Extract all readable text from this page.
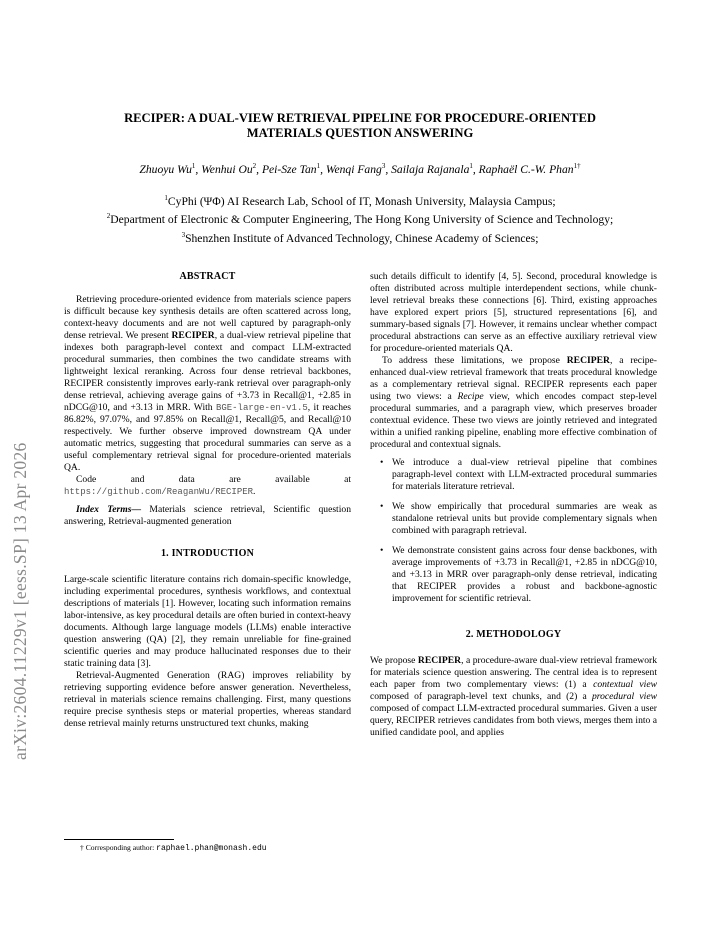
arXiv:2604.11229v1 [eess.SP] 13 Apr 2026
RECIPER: A DUAL-VIEW RETRIEVAL PIPELINE FOR PROCEDURE-ORIENTED
MATERIALS QUESTION ANSWERING
Zhuoyu Wu$^1$, Wenhui Ou$^2$, Pei-Sze Tan$^1$, Wenqi Fang$^3$, Sailaja Rajanala$^1$, Raphaël C.-W. Phan$^{1\dagger}$
$^1$CyPhi (ΨΦ) AI Research Lab, School of IT, Monash University, Malaysia Campus;
$^2$Department of Electronic & Computer Engineering, The Hong Kong University of Science and Technology;
$^3$Shenzhen Institute of Advanced Technology, Chinese Academy of Sciences;
ABSTRACT

Retrieving procedure-oriented evidence from materials science papers is difficult because key synthesis details are often scattered across long, context-heavy documents and are not well captured by paragraph-only dense retrieval. We present RECIPER, a dual-view retrieval pipeline that indexes both paragraph-level context and compact LLM-extracted procedural summaries, then combines the two candidate streams with lightweight lexical reranking. Across four dense retrieval backbones, RECIPER consistently improves early-rank retrieval over paragraph-only dense retrieval, achieving average gains of +3.73 in Recall@1, +2.85 in nDCG@10, and +3.13 in MRR. With BGE-large-en-v1.5, it reaches 86.82%, 97.07%, and 97.85% on Recall@1, Recall@5, and Recall@10 respectively. We further observe improved downstream QA under automatic metrics, suggesting that procedural summaries can serve as a useful complementary retrieval signal for procedure-oriented materials QA.

Code and data are available at https://github.com/ReaganWu/RECIPER.

Index Terms— Materials science retrieval, Scientific question answering, Retrieval-augmented generation

1. INTRODUCTION

Large-scale scientific literature contains rich domain-specific knowledge, including experimental procedures, synthesis workflows, and contextual descriptions of materials [1]. However, locating such information remains labor-intensive, as key procedural details are often buried in context-heavy documents. Although large language models (LLMs) enable interactive question answering (QA) [2], they remain unreliable for fine-grained scientific queries and may produce hallucinated responses due to their static training data [3].

Retrieval-Augmented Generation (RAG) improves reliability by retrieving supporting evidence before answer generation. Nevertheless, retrieval in materials science remains challenging. First, many questions require precise synthesis steps or material properties, whereas standard dense retrieval mainly returns unstructured text chunks, making

† Corresponding author: raphael.phan@monash.edu

such details difficult to identify [4, 5]. Second, procedural knowledge is often distributed across multiple interdependent sections, while chunk-level retrieval breaks these connections [6]. Third, existing approaches have explored expert priors [5], structured representations [6], and summary-based signals [7]. However, it remains unclear whether compact procedural abstractions can serve as an effective auxiliary retrieval view for procedure-oriented materials QA.

To address these limitations, we propose RECIPER, a recipe-enhanced dual-view retrieval framework that treats procedural knowledge as a complementary retrieval signal. RECIPER represents each paper using two views: a Recipe view, which encodes compact step-level procedural summaries, and a paragraph view, which preserves broader contextual evidence. These two views are jointly retrieved and integrated within a unified ranking pipeline, enabling more effective combination of procedural and contextual signals.

• We introduce a dual-view retrieval pipeline that combines paragraph-level context with LLM-extracted procedural summaries for materials literature retrieval.
• We show empirically that procedural summaries are weak as standalone retrieval units but provide complementary signals when combined with paragraph retrieval.
• We demonstrate consistent gains across four dense backbones, with average improvements of +3.73 in Recall@1, +2.85 in nDCG@10, and +3.13 in MRR over paragraph-only dense retrieval, indicating that RECIPER provides a robust and backbone-agnostic improvement for scientific retrieval.
2. METHODOLOGY

We propose RECIPER, a procedure-aware dual-view retrieval framework for materials science question answering. The central idea is to represent each paper from two complementary views: (1) a contextual view composed of paragraph-level text chunks, and (2) a procedural view composed of compact LLM-extracted procedural summaries. Given a user query, RECIPER retrieves candidates from both views, merges them into a unified candidate pool, and applies
